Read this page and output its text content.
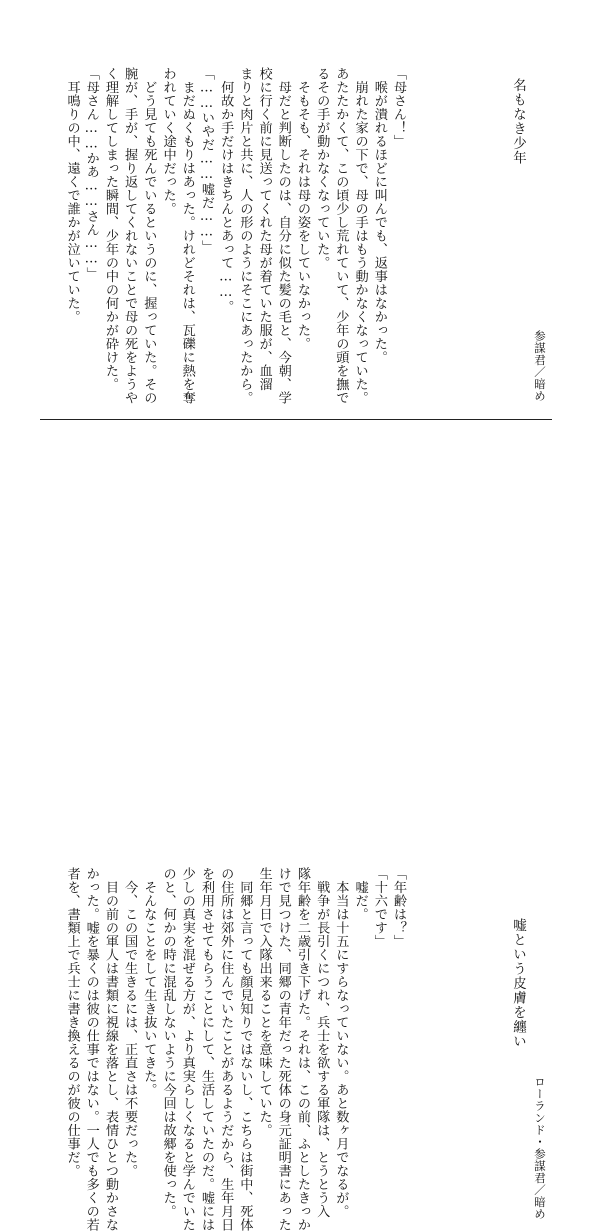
名もなき少年
参謀君／暗め
「母さん！」
　喉が潰れるほどに叫んでも、返事はなかった。
　崩れた家の下で、母の手はもう動かなくなっていた。
あたたかくて、この頃少し荒れていて、少年の頭を撫で
るその手が動かなくなっていた。
　そもそも、それは母の姿をしていなかった。
　母だと判断したのは、自分に似た髪の毛と、今朝、学
校に行く前に見送ってくれた母が着ていた服が、血溜
まりと肉片と共に、人の形のようにそこにあったから。
　何故か手だけはきちんとあって……。
「……いやだ……嘘だ……」
　まだぬくもりはあった。けれどそれは、瓦礫に熱を奪
われていく途中だった。
　どう見ても死んでいるというのに、握っていた。その
腕が、手が、握り返してくれないことで母の死をようや
く理解してしまった瞬間、少年の中の何かが砕けた。
「母さん……かあ……さん……」
　耳鳴りの中、遠くで誰かが泣いていた。
嘘という皮膚を纏い
ローランド・参謀君／暗め
「年齢は？」
「十六です」
　嘘だ。
　本当は十五にすらなっていない。あと数ヶ月でなるが。
　戦争が長引くにつれ、兵士を欲する軍隊は、とうとう入
隊年齢を二歳引き下げた。それは、この前、ふとしたきっか
けで見つけた、同郷の青年だった死体の身元証明書にあった
生年月日で入隊出来ることを意味していた。
　同郷と言っても顔見知りではないし、こちらは街中、死体
の住所は郊外に住んでいたことがあるようだから、生年月日
を利用させてもらうことにして、生活していたのだ。嘘には
少しの真実を混ぜる方が、より真実らしくなると学んでいた
のと、何かの時に混乱しないように今回は故郷を使った。
　そんなことをして生き抜いてきた。
　今、この国で生きるには、正直さは不要だった。
　目の前の軍人は書類に視線を落とし、表情ひとつ動かさな
かった。嘘を暴くのは彼の仕事ではない。一人でも多くの若
者を、書類上で兵士に書き換えるのが彼の仕事だ。
